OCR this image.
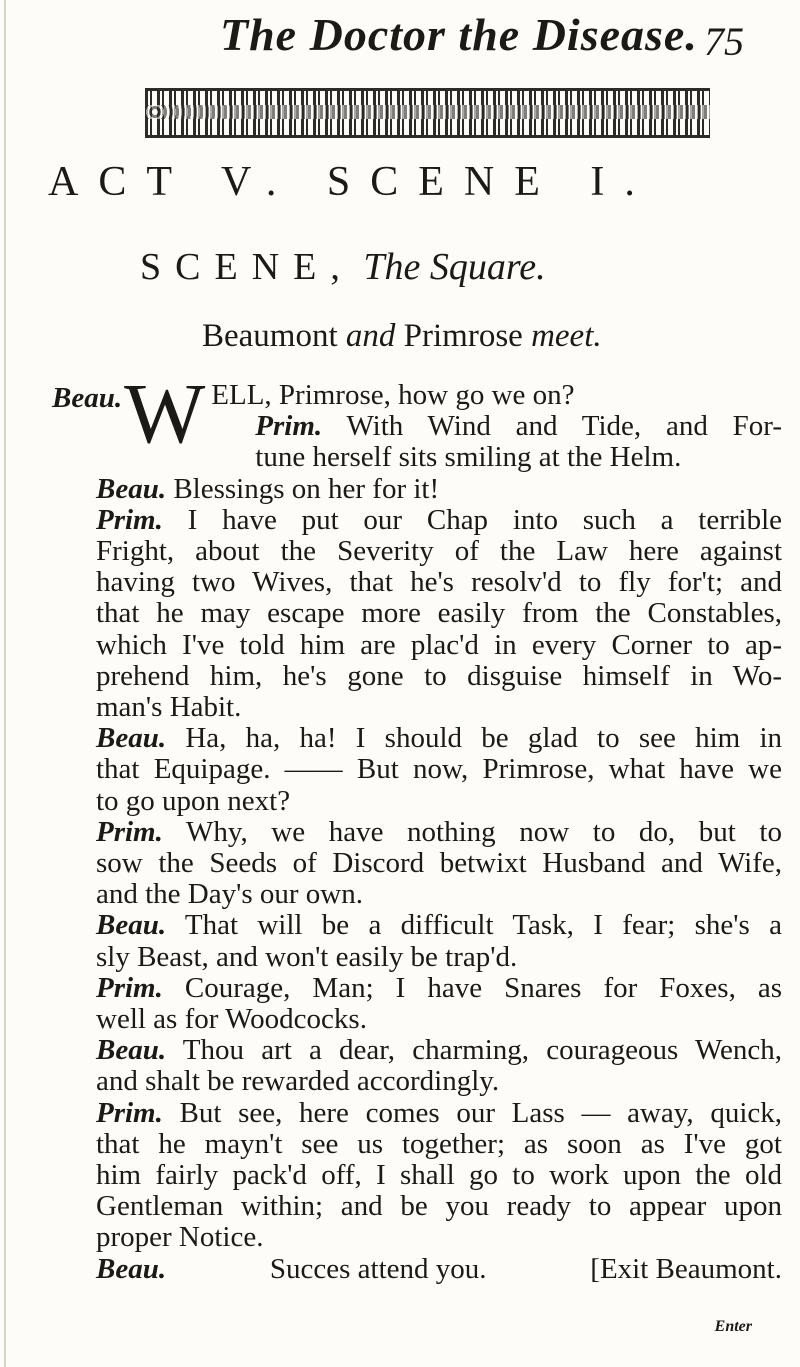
The Doctor the Disease. 75
ACT V. SCENE I.
SCENE, The Square.
Beaumont and Primrose meet.
Beau. W ELL, Primrose, how go we on?
Prim. With Wind and Tide, and For-
tune herself sits smiling at the Helm.
Beau. Blessings on her for it!
Prim. I have put our Chap into such a terrible
Fright, about the Severity of the Law here against
having two Wives, that he's resolv'd to fly for't; and
that he may escape more easily from the Constables,
which I've told him are plac'd in every Corner to ap-
prehend him, he's gone to disguise himself in Wo-
man's Habit.
Beau. Ha, ha, ha! I should be glad to see him in
that Equipage. —— But now, Primrose, what have we
to go upon next?
Prim. Why, we have nothing now to do, but to
sow the Seeds of Discord betwixt Husband and Wife,
and the Day's our own.
Beau. That will be a difficult Task, I fear; she's a
sly Beast, and won't easily be trap'd.
Prim. Courage, Man; I have Snares for Foxes, as
well as for Woodcocks.
Beau. Thou art a dear, charming, courageous Wench,
and shalt be rewarded accordingly.
Prim. But see, here comes our Lass — away, quick,
that he mayn't see us together; as soon as I've got
him fairly pack'd off, I shall go to work upon the old
Gentleman within; and be you ready to appear upon
proper Notice.
Beau.	Succes attend you.	[Exit Beaumont.
Enter
